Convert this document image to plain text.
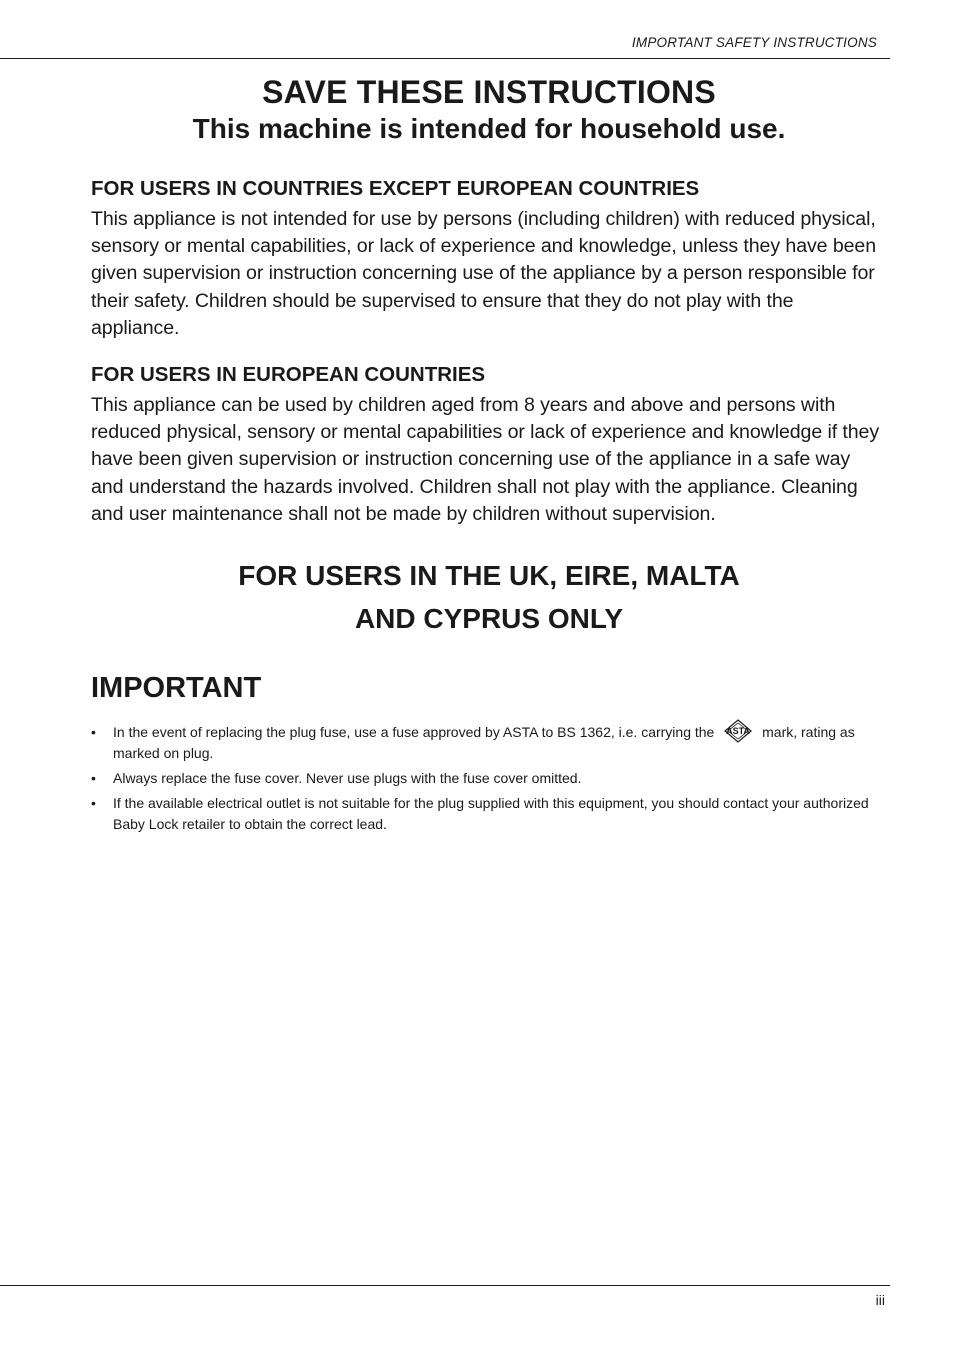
IMPORTANT SAFETY INSTRUCTIONS
SAVE THESE INSTRUCTIONS
This machine is intended for household use.
FOR USERS IN COUNTRIES EXCEPT EUROPEAN COUNTRIES

This appliance is not intended for use by persons (including children) with reduced physical, sensory or mental capabilities, or lack of experience and knowledge, unless they have been given supervision or instruction concerning use of the appliance by a person responsible for their safety. Children should be supervised to ensure that they do not play with the appliance.

FOR USERS IN EUROPEAN COUNTRIES

This appliance can be used by children aged from 8 years and above and persons with reduced physical, sensory or mental capabilities or lack of experience and knowledge if they have been given supervision or instruction concerning use of the appliance in a safe way and understand the hazards involved. Children shall not play with the appliance. Cleaning and user maintenance shall not be made by children without supervision.

FOR USERS IN THE UK, EIRE, MALTA
AND CYPRUS ONLY
IMPORTANT
• In the event of replacing the plug fuse, use a fuse approved by ASTA to BS 1362, i.e. carrying the ASTA mark, rating as marked on plug.
• Always replace the fuse cover. Never use plugs with the fuse cover omitted.
• If the available electrical outlet is not suitable for the plug supplied with this equipment, you should contact your authorized Baby Lock retailer to obtain the correct lead.
iii
